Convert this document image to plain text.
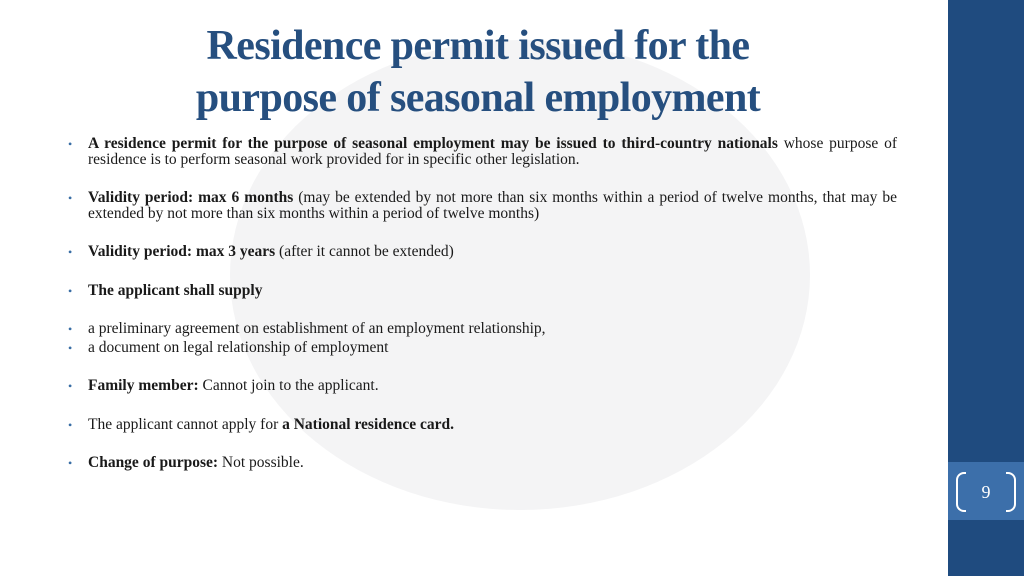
Residence permit issued for the
purpose of seasonal employment
• A residence permit for the purpose of seasonal employment may be issued to third-country nationals whose purpose of residence is to perform seasonal work provided for in specific other legislation.
• Validity period: max 6 months (may be extended by not more than six months within a period of twelve months, that may be extended by not more than six months within a period of twelve months)
• Validity period: max 3 years (after it cannot be extended)
• The applicant shall supply
• a preliminary agreement on establishment of an employment relationship,
• a document on legal relationship of employment
• Family member: Cannot join to the applicant.
• The applicant cannot apply for a National residence card.
• Change of purpose: Not possible.
9
